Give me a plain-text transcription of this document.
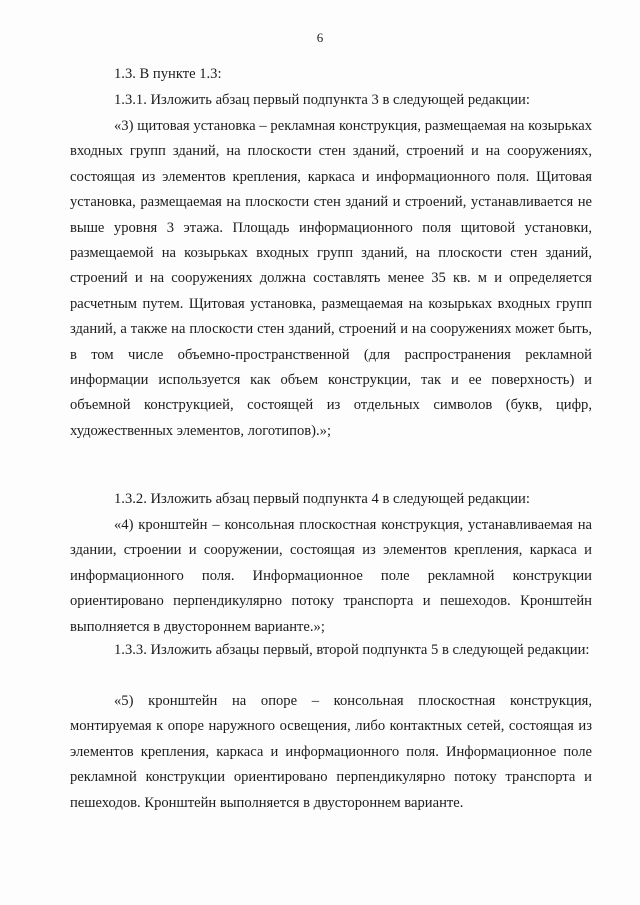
6

1.3. В пункте 1.3:

1.3.1. Изложить абзац первый подпункта 3 в следующей редакции:

«3) щитовая установка – рекламная конструкция, размещаемая на козырьках входных групп зданий, на плоскости стен зданий, строений и на сооружениях, состоящая из элементов крепления, каркаса и информационного поля. Щитовая установка, размещаемая на плоскости стен зданий и строений, устанавливается не выше уровня 3 этажа. Площадь информационного поля щитовой установки, размещаемой на козырьках входных групп зданий, на плоскости стен зданий, строений и на сооружениях должна составлять менее 35 кв. м и определяется расчетным путем. Щитовая установка, размещаемая на козырьках входных групп зданий, а также на плоскости стен зданий, строений и на сооружениях может быть, в том числе объемно-пространственной (для распространения рекламной информации используется как объем конструкции, так и ее поверхность) и объемной конструкцией, состоящей из отдельных символов (букв, цифр, художественных элементов, логотипов).»;

1.3.2. Изложить абзац первый подпункта 4 в следующей редакции:

«4) кронштейн – консольная плоскостная конструкция, устанавливаемая на здании, строении и сооружении, состоящая из элементов крепления, каркаса и информационного поля. Информационное поле рекламной конструкции ориентировано перпендикулярно потоку транспорта и пешеходов. Кронштейн выполняется в двустороннем варианте.»;

1.3.3. Изложить абзацы первый, второй подпункта 5 в следующей редакции:

«5) кронштейн на опоре – консольная плоскостная конструкция, монтируемая к опоре наружного освещения, либо контактных сетей, состоящая из элементов крепления, каркаса и информационного поля. Информационное поле рекламной конструкции ориентировано перпендикулярно потоку транспорта и пешеходов. Кронштейн выполняется в двустороннем варианте.
